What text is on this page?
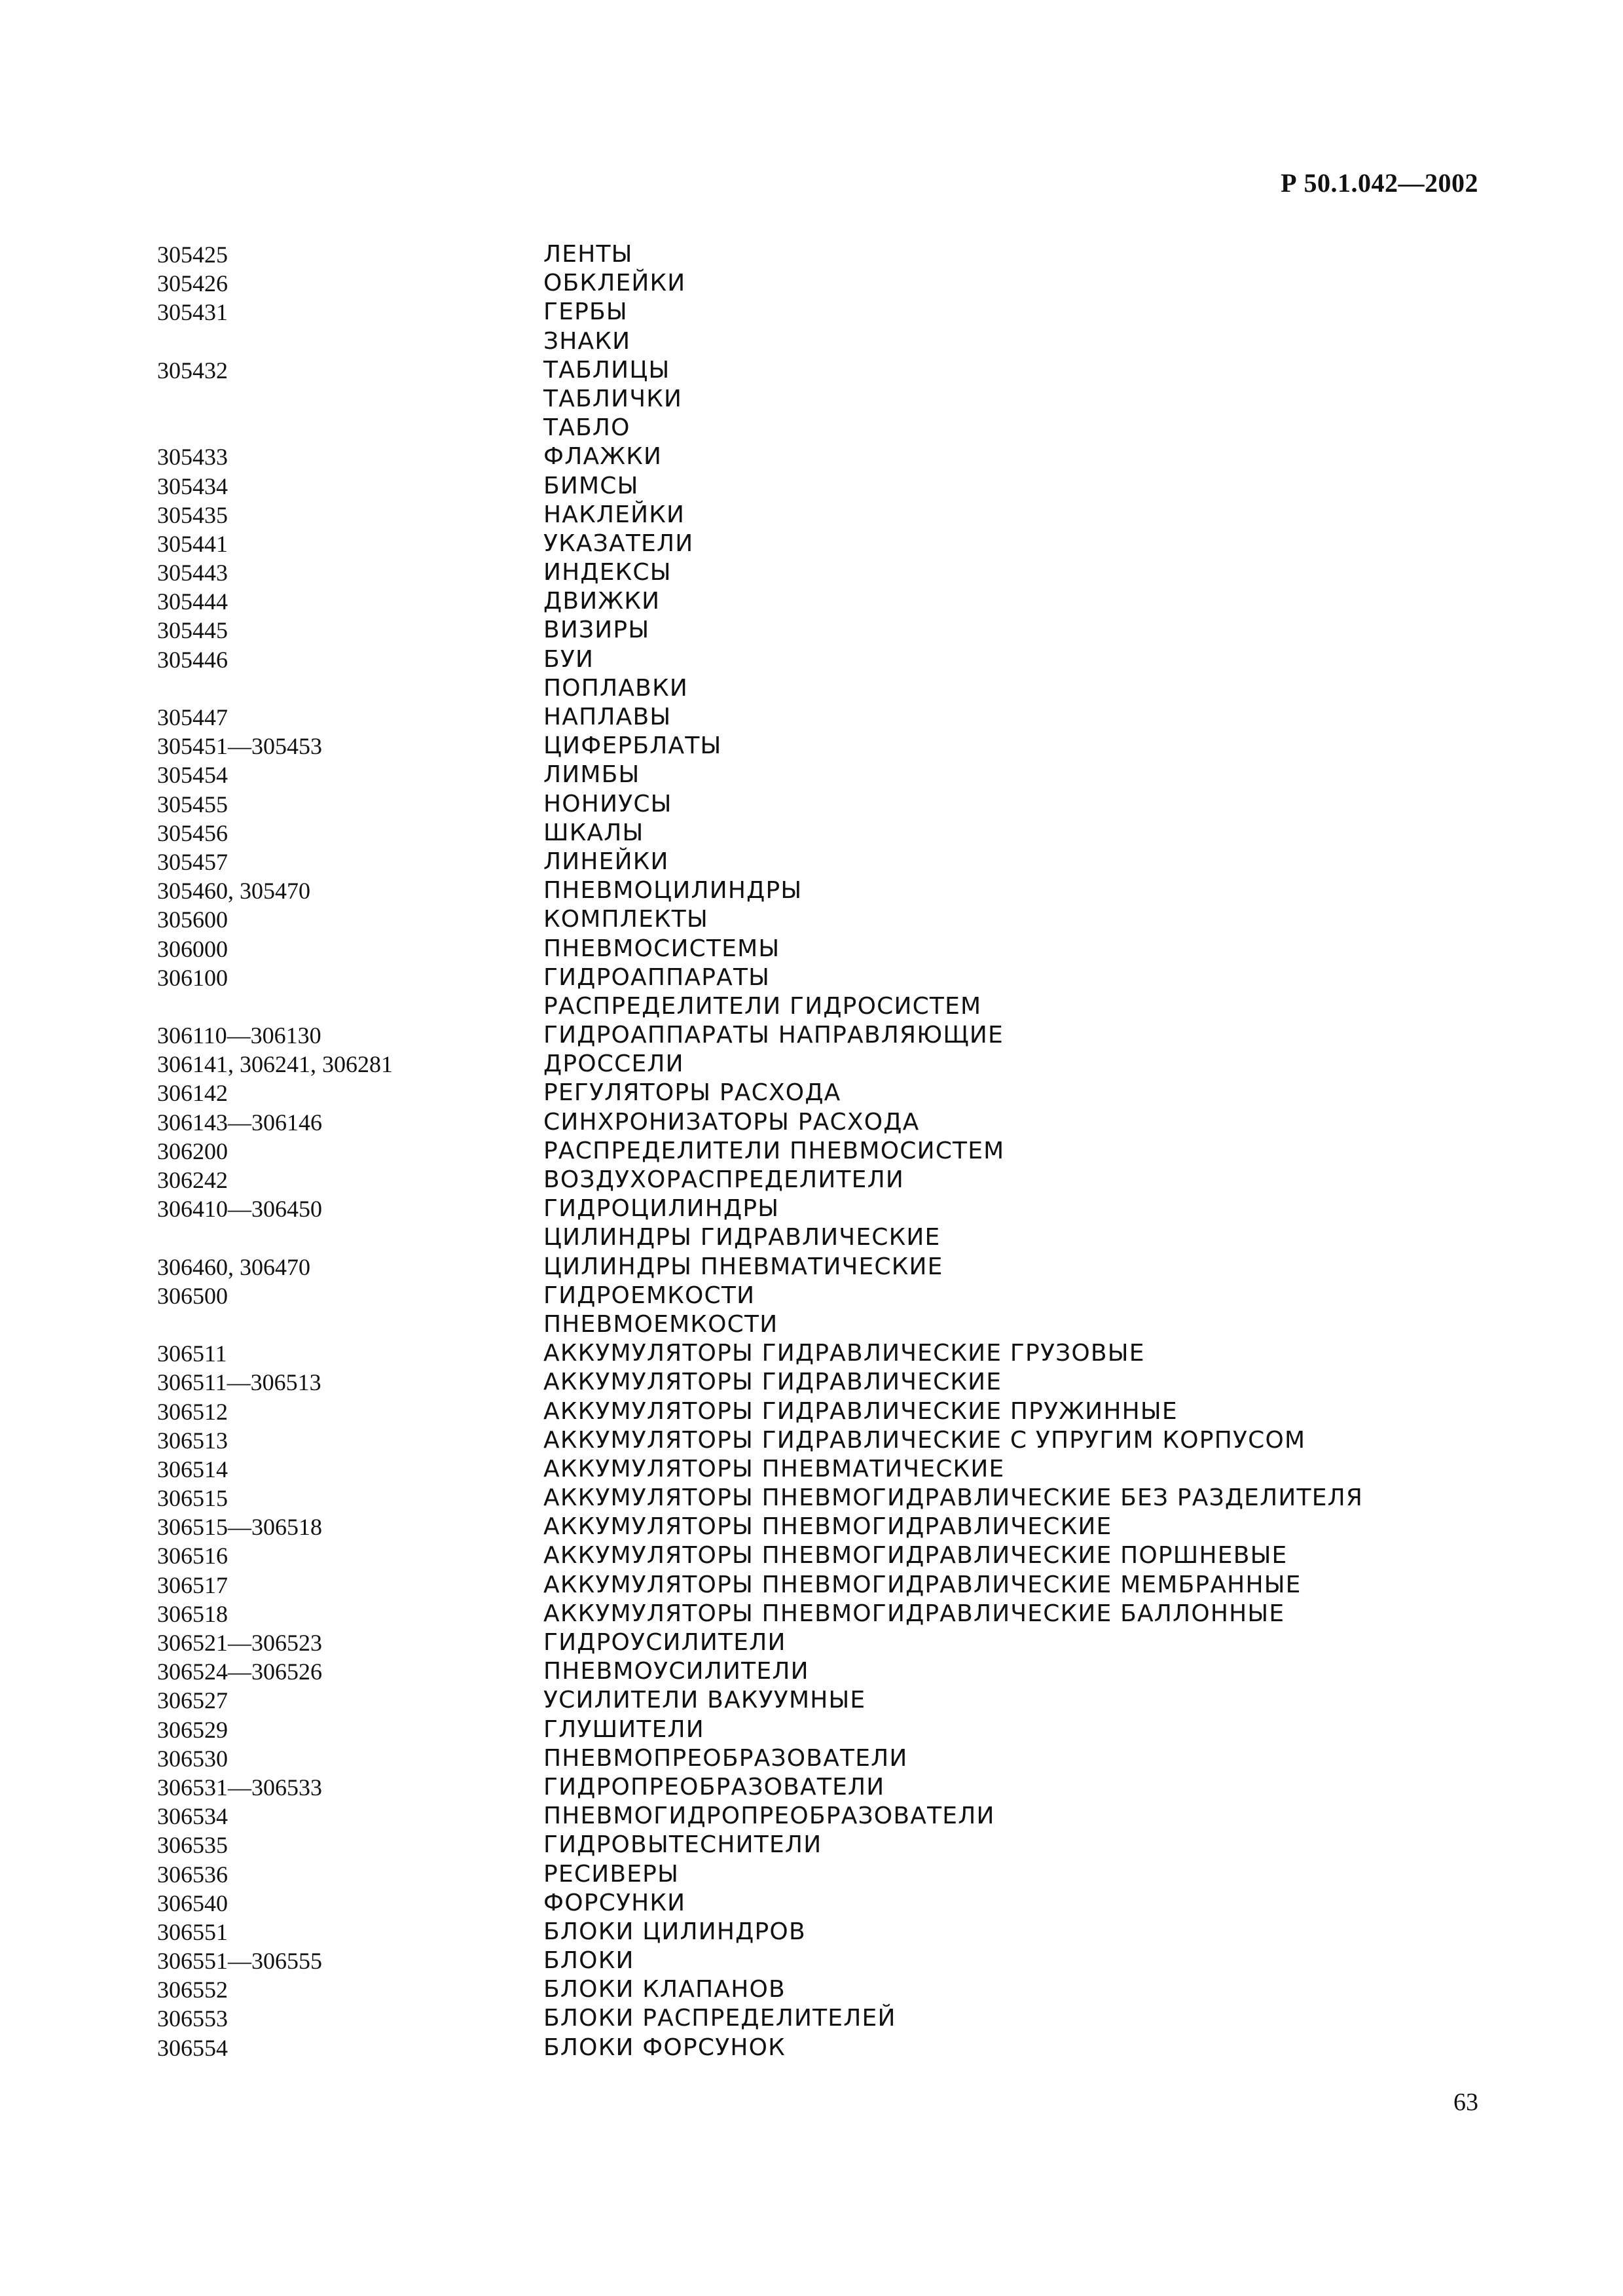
Р 50.1.042—2002
305425	ЛЕНТЫ
305426	ОБКЛЕЙКИ
305431	ГЕРБЫ
ЗНАКИ
305432	ТАБЛИЦЫ
ТАБЛИЧКИ
ТАБЛО
305433	ФЛАЖКИ
305434	БИМСЫ
305435	НАКЛЕЙКИ
305441	УКАЗАТЕЛИ
305443	ИНДЕКСЫ
305444	ДВИЖКИ
305445	ВИЗИРЫ
305446	БУИ
ПОПЛАВКИ
305447	НАПЛАВЫ
305451—305453	ЦИФЕРБЛАТЫ
305454	ЛИМБЫ
305455	НОНИУСЫ
305456	ШКАЛЫ
305457	ЛИНЕЙКИ
305460, 305470	ПНЕВМОЦИЛИНДРЫ
305600	КОМПЛЕКТЫ
306000	ПНЕВМОСИСТЕМЫ
306100	ГИДРОАППАРАТЫ
РАСПРЕДЕЛИТЕЛИ ГИДРОСИСТЕМ
306110—306130	ГИДРОАППАРАТЫ НАПРАВЛЯЮЩИЕ
306141, 306241, 306281	ДРОССЕЛИ
306142	РЕГУЛЯТОРЫ РАСХОДА
306143—306146	СИНХРОНИЗАТОРЫ РАСХОДА
306200	РАСПРЕДЕЛИТЕЛИ ПНЕВМОСИСТЕМ
306242	ВОЗДУХОРАСПРЕДЕЛИТЕЛИ
306410—306450	ГИДРОЦИЛИНДРЫ
ЦИЛИНДРЫ ГИДРАВЛИЧЕСКИЕ
306460, 306470	ЦИЛИНДРЫ ПНЕВМАТИЧЕСКИЕ
306500	ГИДРОЕМКОСТИ
ПНЕВМОЕМКОСТИ
306511	АККУМУЛЯТОРЫ ГИДРАВЛИЧЕСКИЕ ГРУЗОВЫЕ
306511—306513	АККУМУЛЯТОРЫ ГИДРАВЛИЧЕСКИЕ
306512	АККУМУЛЯТОРЫ ГИДРАВЛИЧЕСКИЕ ПРУЖИННЫЕ
306513	АККУМУЛЯТОРЫ ГИДРАВЛИЧЕСКИЕ С УПРУГИМ КОРПУСОМ
306514	АККУМУЛЯТОРЫ ПНЕВМАТИЧЕСКИЕ
306515	АККУМУЛЯТОРЫ ПНЕВМОГИДРАВЛИЧЕСКИЕ БЕЗ РАЗДЕЛИТЕЛЯ
306515—306518	АККУМУЛЯТОРЫ ПНЕВМОГИДРАВЛИЧЕСКИЕ
306516	АККУМУЛЯТОРЫ ПНЕВМОГИДРАВЛИЧЕСКИЕ ПОРШНЕВЫЕ
306517	АККУМУЛЯТОРЫ ПНЕВМОГИДРАВЛИЧЕСКИЕ МЕМБРАННЫЕ
306518	АККУМУЛЯТОРЫ ПНЕВМОГИДРАВЛИЧЕСКИЕ БАЛЛОННЫЕ
306521—306523	ГИДРОУСИЛИТЕЛИ
306524—306526	ПНЕВМОУСИЛИТЕЛИ
306527	УСИЛИТЕЛИ ВАКУУМНЫЕ
306529	ГЛУШИТЕЛИ
306530	ПНЕВМОПРЕОБРАЗОВАТЕЛИ
306531—306533	ГИДРОПРЕОБРАЗОВАТЕЛИ
306534	ПНЕВМОГИДРОПРЕОБРАЗОВАТЕЛИ
306535	ГИДРОВЫТЕСНИТЕЛИ
306536	РЕСИВЕРЫ
306540	ФОРСУНКИ
306551	БЛОКИ ЦИЛИНДРОВ
306551—306555	БЛОКИ
306552	БЛОКИ КЛАПАНОВ
306553	БЛОКИ РАСПРЕДЕЛИТЕЛЕЙ
306554	БЛОКИ ФОРСУНОК
63
